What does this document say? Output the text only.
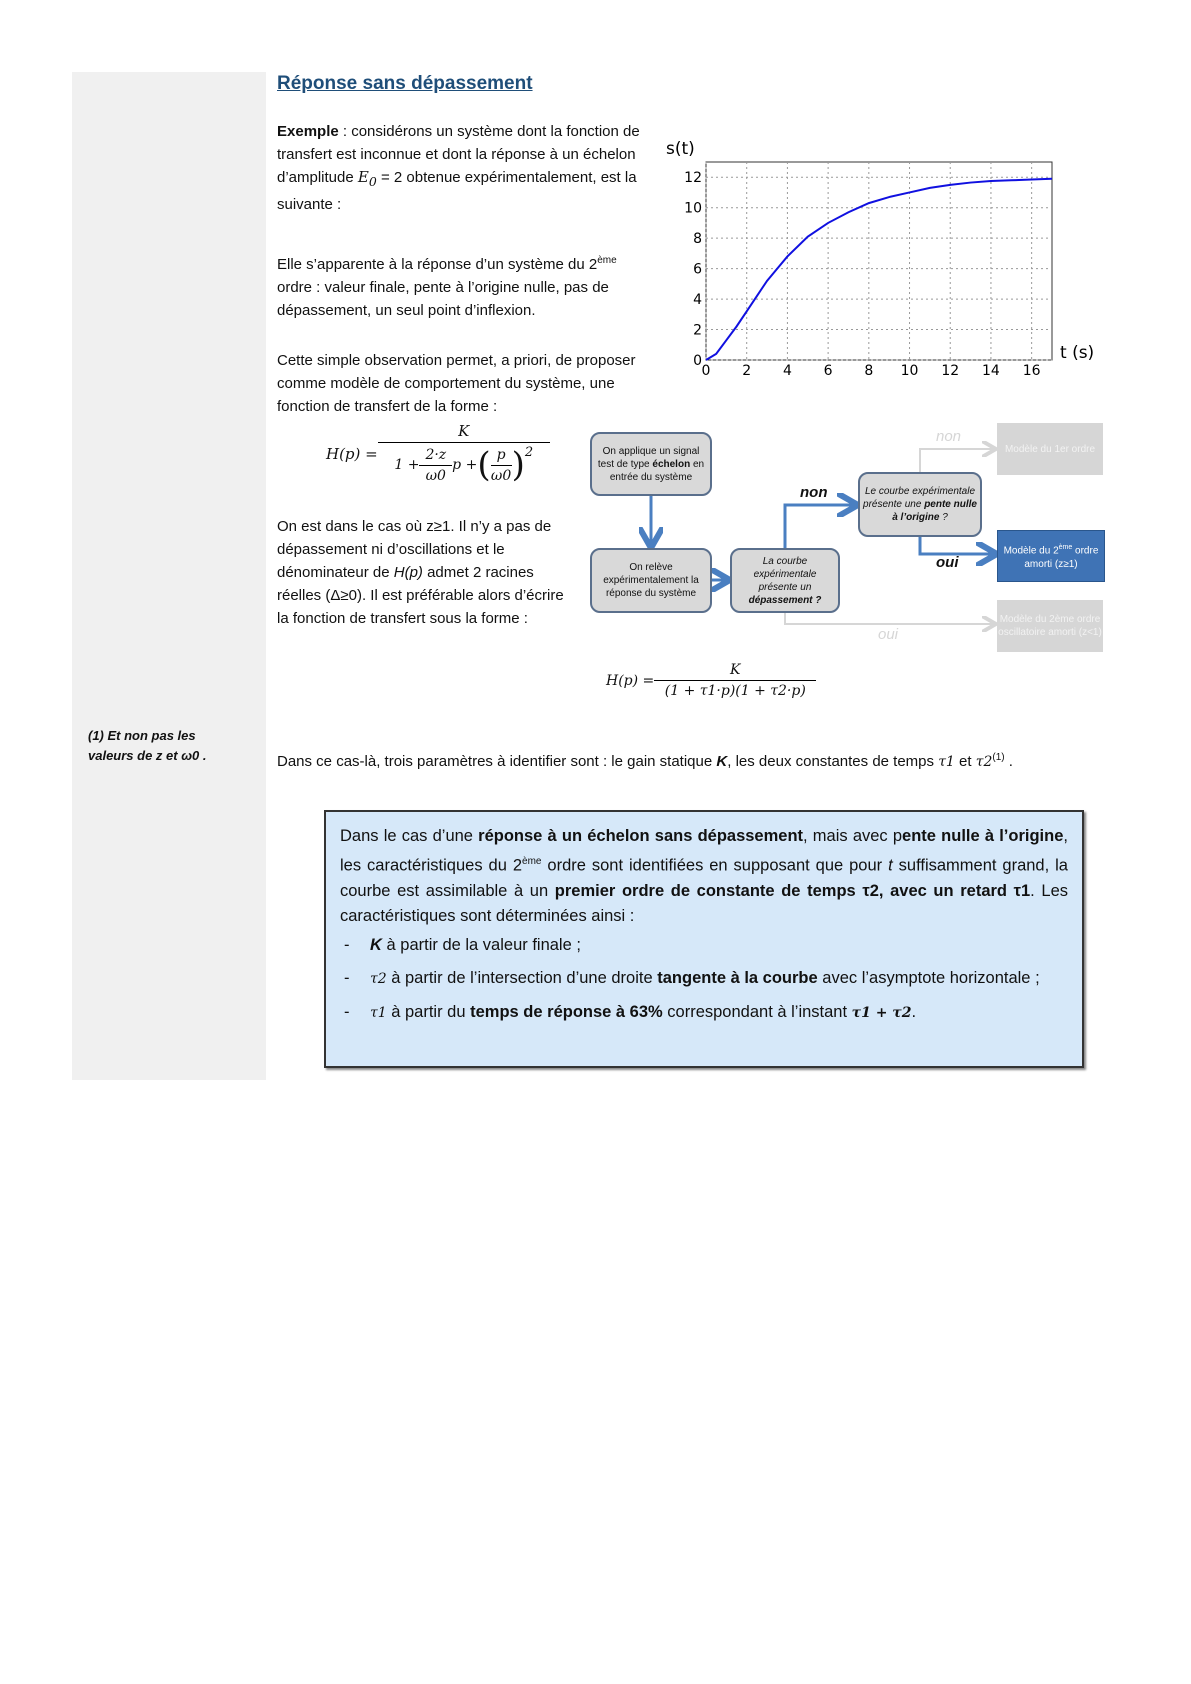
Réponse sans dépassement
Exemple : considérons un système dont la fonction de transfert est inconnue et dont la réponse à un échelon d’amplitude $E_0 = 2$ obtenue expérimentalement, est la suivante :
Elle s’apparente à la réponse d’un système du 2ème ordre : valeur finale, pente à l’origine nulle, pas de dépassement, un seul point d’inflexion.
Cette simple observation permet, a priori, de proposer comme modèle de comportement du système, une fonction de transfert de la forme :
$H(p) = \frac{K}{1 + \frac{2\cdot z}{\omega 0} p + ( \frac{p}{\omega 0} ) 2}$
On est dans le cas où z≥1. Il n’y a pas de dépassement ni d’oscillations et le dénominateur de H(p) admet 2 racines réelles (Δ≥0). Il est préférable alors d’écrire la fonction de transfert sous la forme :
$H(p) = \frac{K}{(1 + \tau 1\cdot p)(1 + \tau 2\cdot p)}$
(1) Et non pas les valeurs de z et ω0 .	Dans ce cas-là, trois paramètres à identifier sont : le gain statique K, les deux constantes de temps τ1 et τ2$^{(1)}$ .
Dans le cas d’une réponse à un échelon sans dépassement, mais avec pente nulle à l’origine, les caractéristiques du 2ème ordre sont identifiées en supposant que pour t suffisamment grand, la courbe est assimilable à un premier ordre de constante de temps τ2, avec un retard τ1. Les caractéristiques sont déterminées ainsi :
- K à partir de la valeur finale ;
- τ2 à partir de l’intersection d’une droite tangente à la courbe avec l’asymptote horizontale ;
- τ1 à partir du temps de réponse à 63% correspondant à l’instant τ1 + τ2.
0 2 4 6 8 10 12 14 16
0
2
4
6
8
10
12
s(t)
t (s)
On applique un signal test de type échelon en entrée du système
On relève expérimentalement la réponse du système
La courbe expérimentale présente un dépassement ?
Le courbe expérimentale présente une pente nulle à l’origine ?
Modèle du 1er ordre
Modèle du 2ème ordre amorti (z≥1)
Modèle du 2ème ordre oscillatoire amorti (z<1)
non
non
oui
oui
